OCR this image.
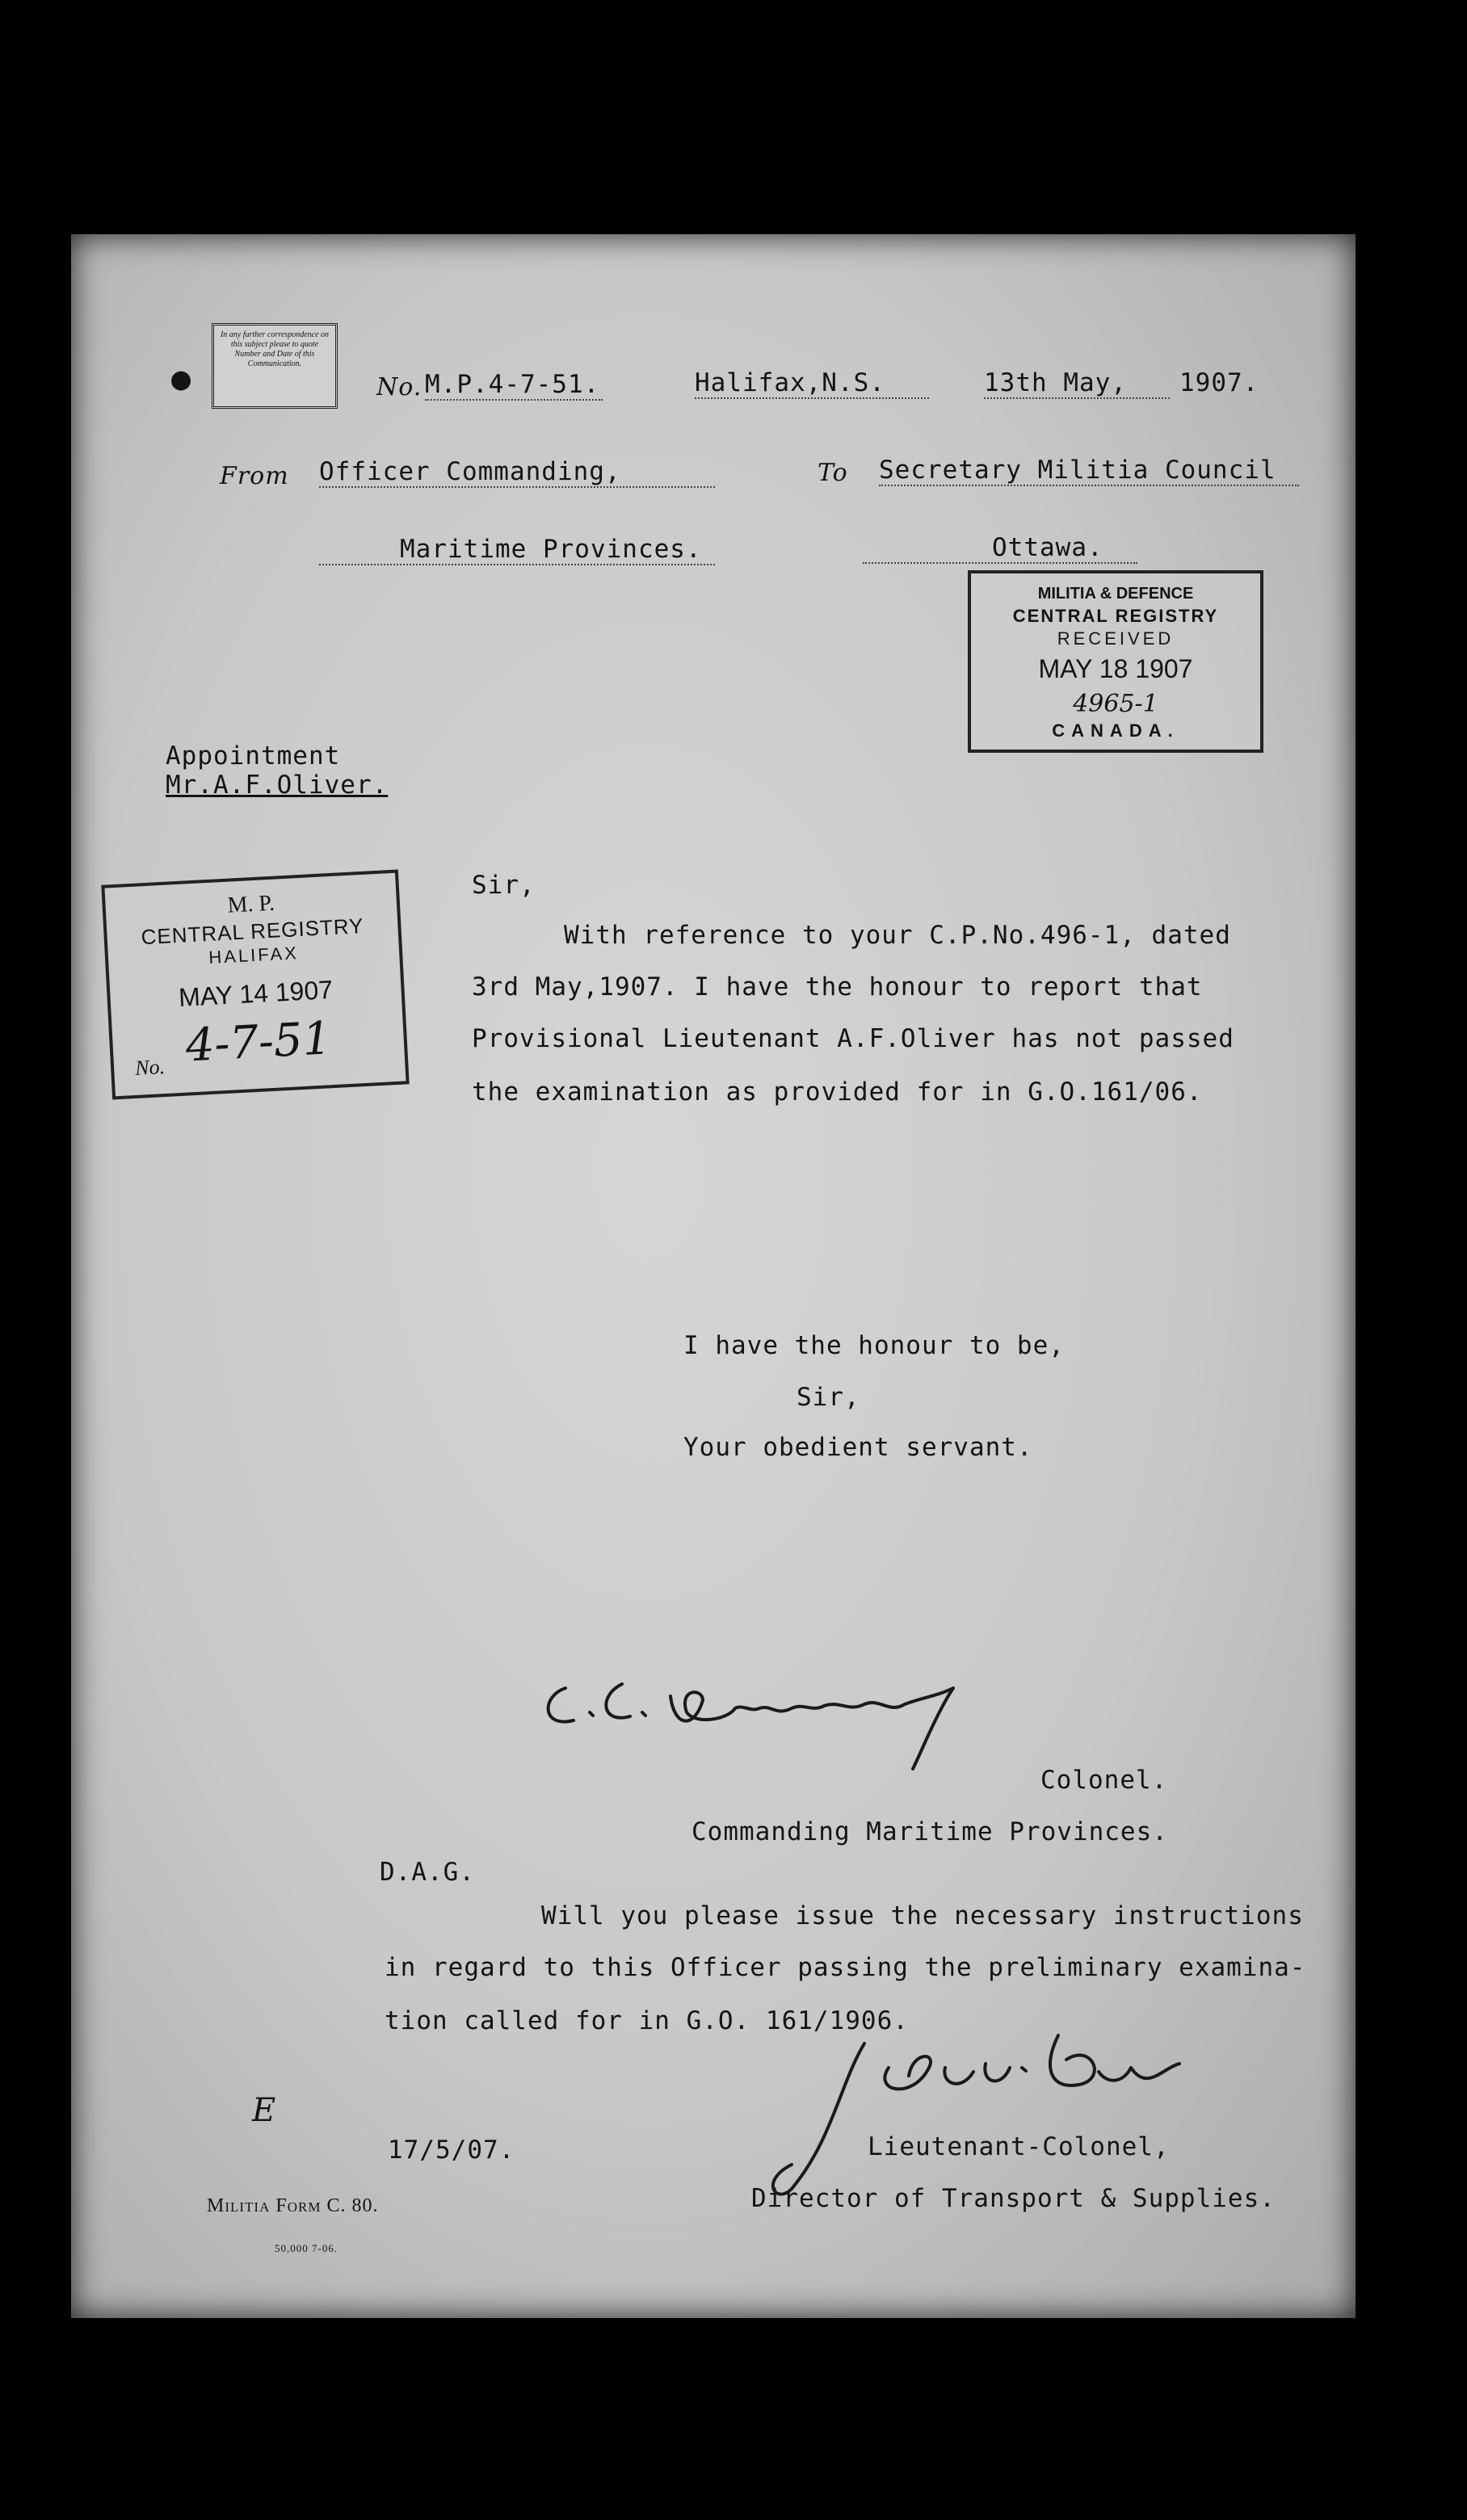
In any further correspondence on this subject please to quote Number and Date of this Communication.
●	No. M.P.4-7-51.	Halifax,N.S.	13th May,	1907.
From Officer Commanding,
Maritime Provinces.
To Secretary Militia Council
Ottawa.
MILITIA & DEFENCE
CENTRAL REGISTRY
RECEIVED
MAY 18 1907
4965-1
CANADA.
Appointment
Mr.A.F.Oliver.
M. P.
CENTRAL REGISTRY
HALIFAX
MAY 14 1907
No. 4-7-51
Sir,
With reference to your C.P.No.496-1, dated
3rd May,1907. I have the honour to report that
Provisional Lieutenant A.F.Oliver has not passed
the examination as provided for in G.O.161/06.
I have the honour to be,
Sir,
Your obedient servant.
Colonel.
Commanding Maritime Provinces.
D.A.G.
Will you please issue the necessary instructions
in regard to this Officer passing the preliminary examina-
tion called for in G.O. 161/1906.
E
17/5/07.	Lieutenant-Colonel,
Director of Transport & Supplies.
Militia Form C. 80.
50,000 7-06.
